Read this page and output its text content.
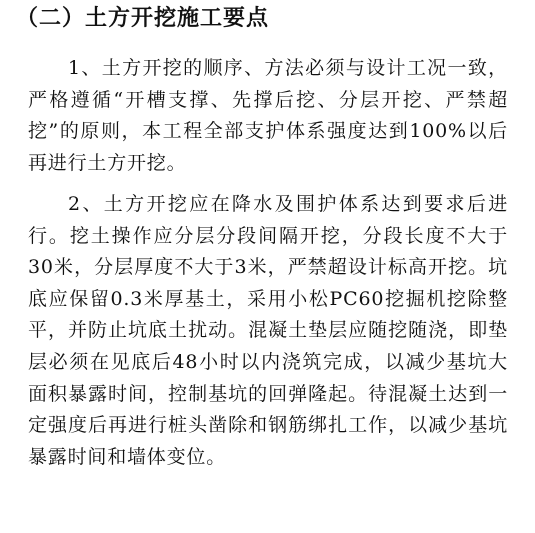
（二）土方开挖施工要点

1、土方开挖的顺序、方法必须与设计工况一致，严格遵循“开槽支撑、先撑后挖、分层开挖、严禁超挖”的原则，本工程全部支护体系强度达到100%以后再进行土方开挖。

2、土方开挖应在降水及围护体系达到要求后进行。挖土操作应分层分段间隔开挖，分段长度不大于30米，分层厚度不大于3米，严禁超设计标高开挖。坑底应保留0.3米厚基土，采用小松PC60挖掘机挖除整平，并防止坑底土扰动。混凝土垫层应随挖随浇，即垫层必须在见底后48小时以内浇筑完成，以减少基坑大面积暴露时间，控制基坑的回弹隆起。待混凝土达到一定强度后再进行桩头凿除和钢筋绑扎工作，以减少基坑暴露时间和墙体变位。
